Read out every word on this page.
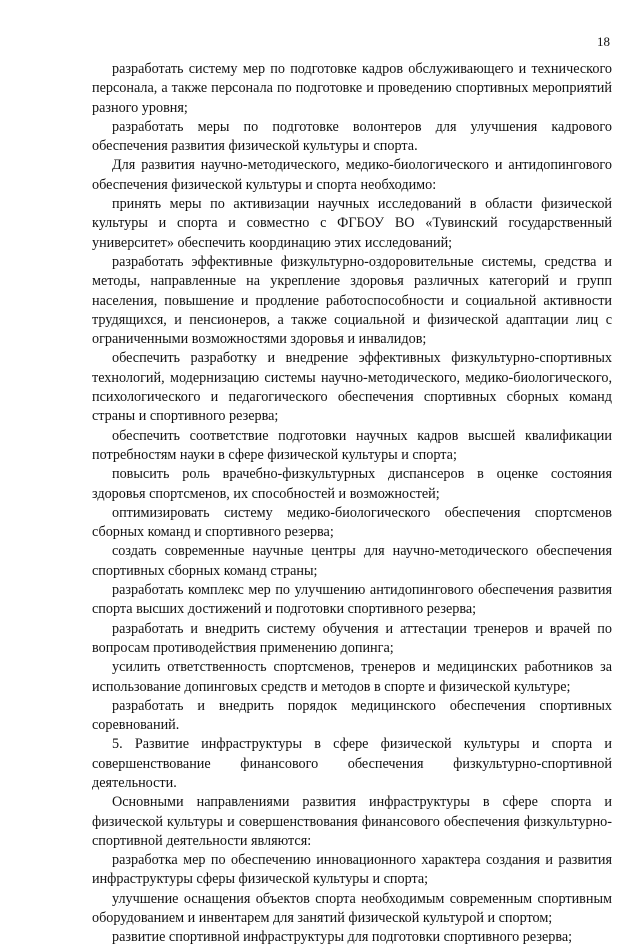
18

разработать систему мер по подготовке кадров обслуживающего и технического персонала, а также персонала по подготовке и проведению спортивных мероприятий разного уровня;

разработать меры по подготовке волонтеров для улучшения кадрового обеспечения развития физической культуры и спорта.

Для развития научно-методического, медико-биологического и антидопингового обеспечения физической культуры и спорта необходимо:

принять меры по активизации научных исследований в области физической культуры и спорта и совместно с ФГБОУ ВО «Тувинский государственный университет» обеспечить координацию этих исследований;

разработать эффективные физкультурно-оздоровительные системы, средства и методы, направленные на укрепление здоровья различных категорий и групп населения, повышение и продление работоспособности и социальной активности трудящихся, и пенсионеров, а также социальной и физической адаптации лиц с ограниченными возможностями здоровья и инвалидов;

обеспечить разработку и внедрение эффективных физкультурно-спортивных технологий, модернизацию системы научно-методического, медико-биологического, психологического и педагогического обеспечения спортивных сборных команд страны и спортивного резерва;

обеспечить соответствие подготовки научных кадров высшей квалификации потребностям науки в сфере физической культуры и спорта;

повысить роль врачебно-физкультурных диспансеров в оценке состояния здоровья спортсменов, их способностей и возможностей;

оптимизировать систему медико-биологического обеспечения спортсменов сборных команд и спортивного резерва;

создать современные научные центры для научно-методического обеспечения спортивных сборных команд страны;

разработать комплекс мер по улучшению антидопингового обеспечения развития спорта высших достижений и подготовки спортивного резерва;

разработать и внедрить систему обучения и аттестации тренеров и врачей по вопросам противодействия применению допинга;

усилить ответственность спортсменов, тренеров и медицинских работников за использование допинговых средств и методов в спорте и физической культуре;

разработать и внедрить порядок медицинского обеспечения спортивных соревнований.

5. Развитие инфраструктуры в сфере физической культуры и спорта и совершенствование финансового обеспечения физкультурно-спортивной деятельности.

Основными направлениями развития инфраструктуры в сфере спорта и физической культуры и совершенствования финансового обеспечения физкультурно-спортивной деятельности являются:

разработка мер по обеспечению инновационного характера создания и развития инфраструктуры сферы физической культуры и спорта;

улучшение оснащения объектов спорта необходимым современным спортивным оборудованием и инвентарем для занятий физической культурой и спортом;

развитие спортивной инфраструктуры для подготовки спортивного резерва;
